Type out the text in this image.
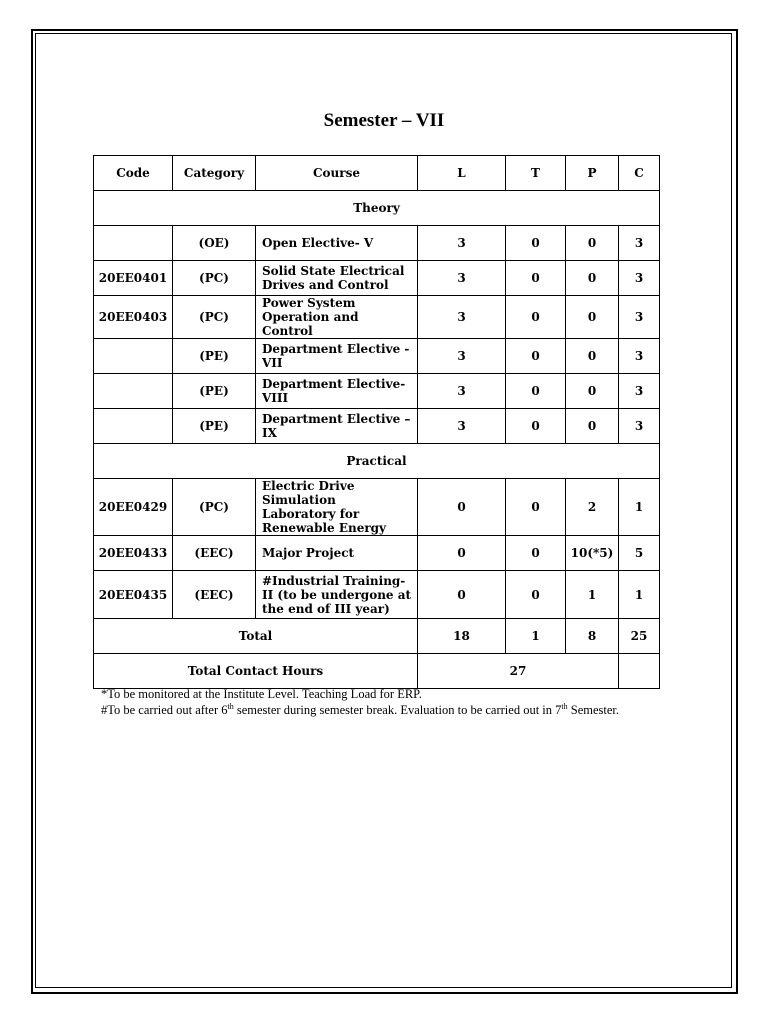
Semester – VII
Code	Category	Course	L	T	P	C
Theory						
	(OE)	Open Elective- V	3	0	0	3
20EE0401	(PC)	Solid State Electrical Drives and Control	3	0	0	3
20EE0403	(PC)	Power System Operation and Control	3	0	0	3
	(PE)	Department Elective - VII	3	0	0	3
	(PE)	Department Elective- VIII	3	0	0	3
	(PE)	Department Elective – IX	3	0	0	3
Practical						
20EE0429	(PC)	Electric Drive Simulation Laboratory for Renewable Energy	0	0	2	1
20EE0433	(EEC)	Major Project	0	0	10(*5)	5
20EE0435	(EEC)	#Industrial Training-II (to be undergone at the end of III year)	0	0	1	1
Total			18	1	8	25
Total Contact Hours			27			
*To be monitored at the Institute Level. Teaching Load for ERP.
#To be carried out after 6th semester during semester break. Evaluation to be carried out in 7th Semester.
